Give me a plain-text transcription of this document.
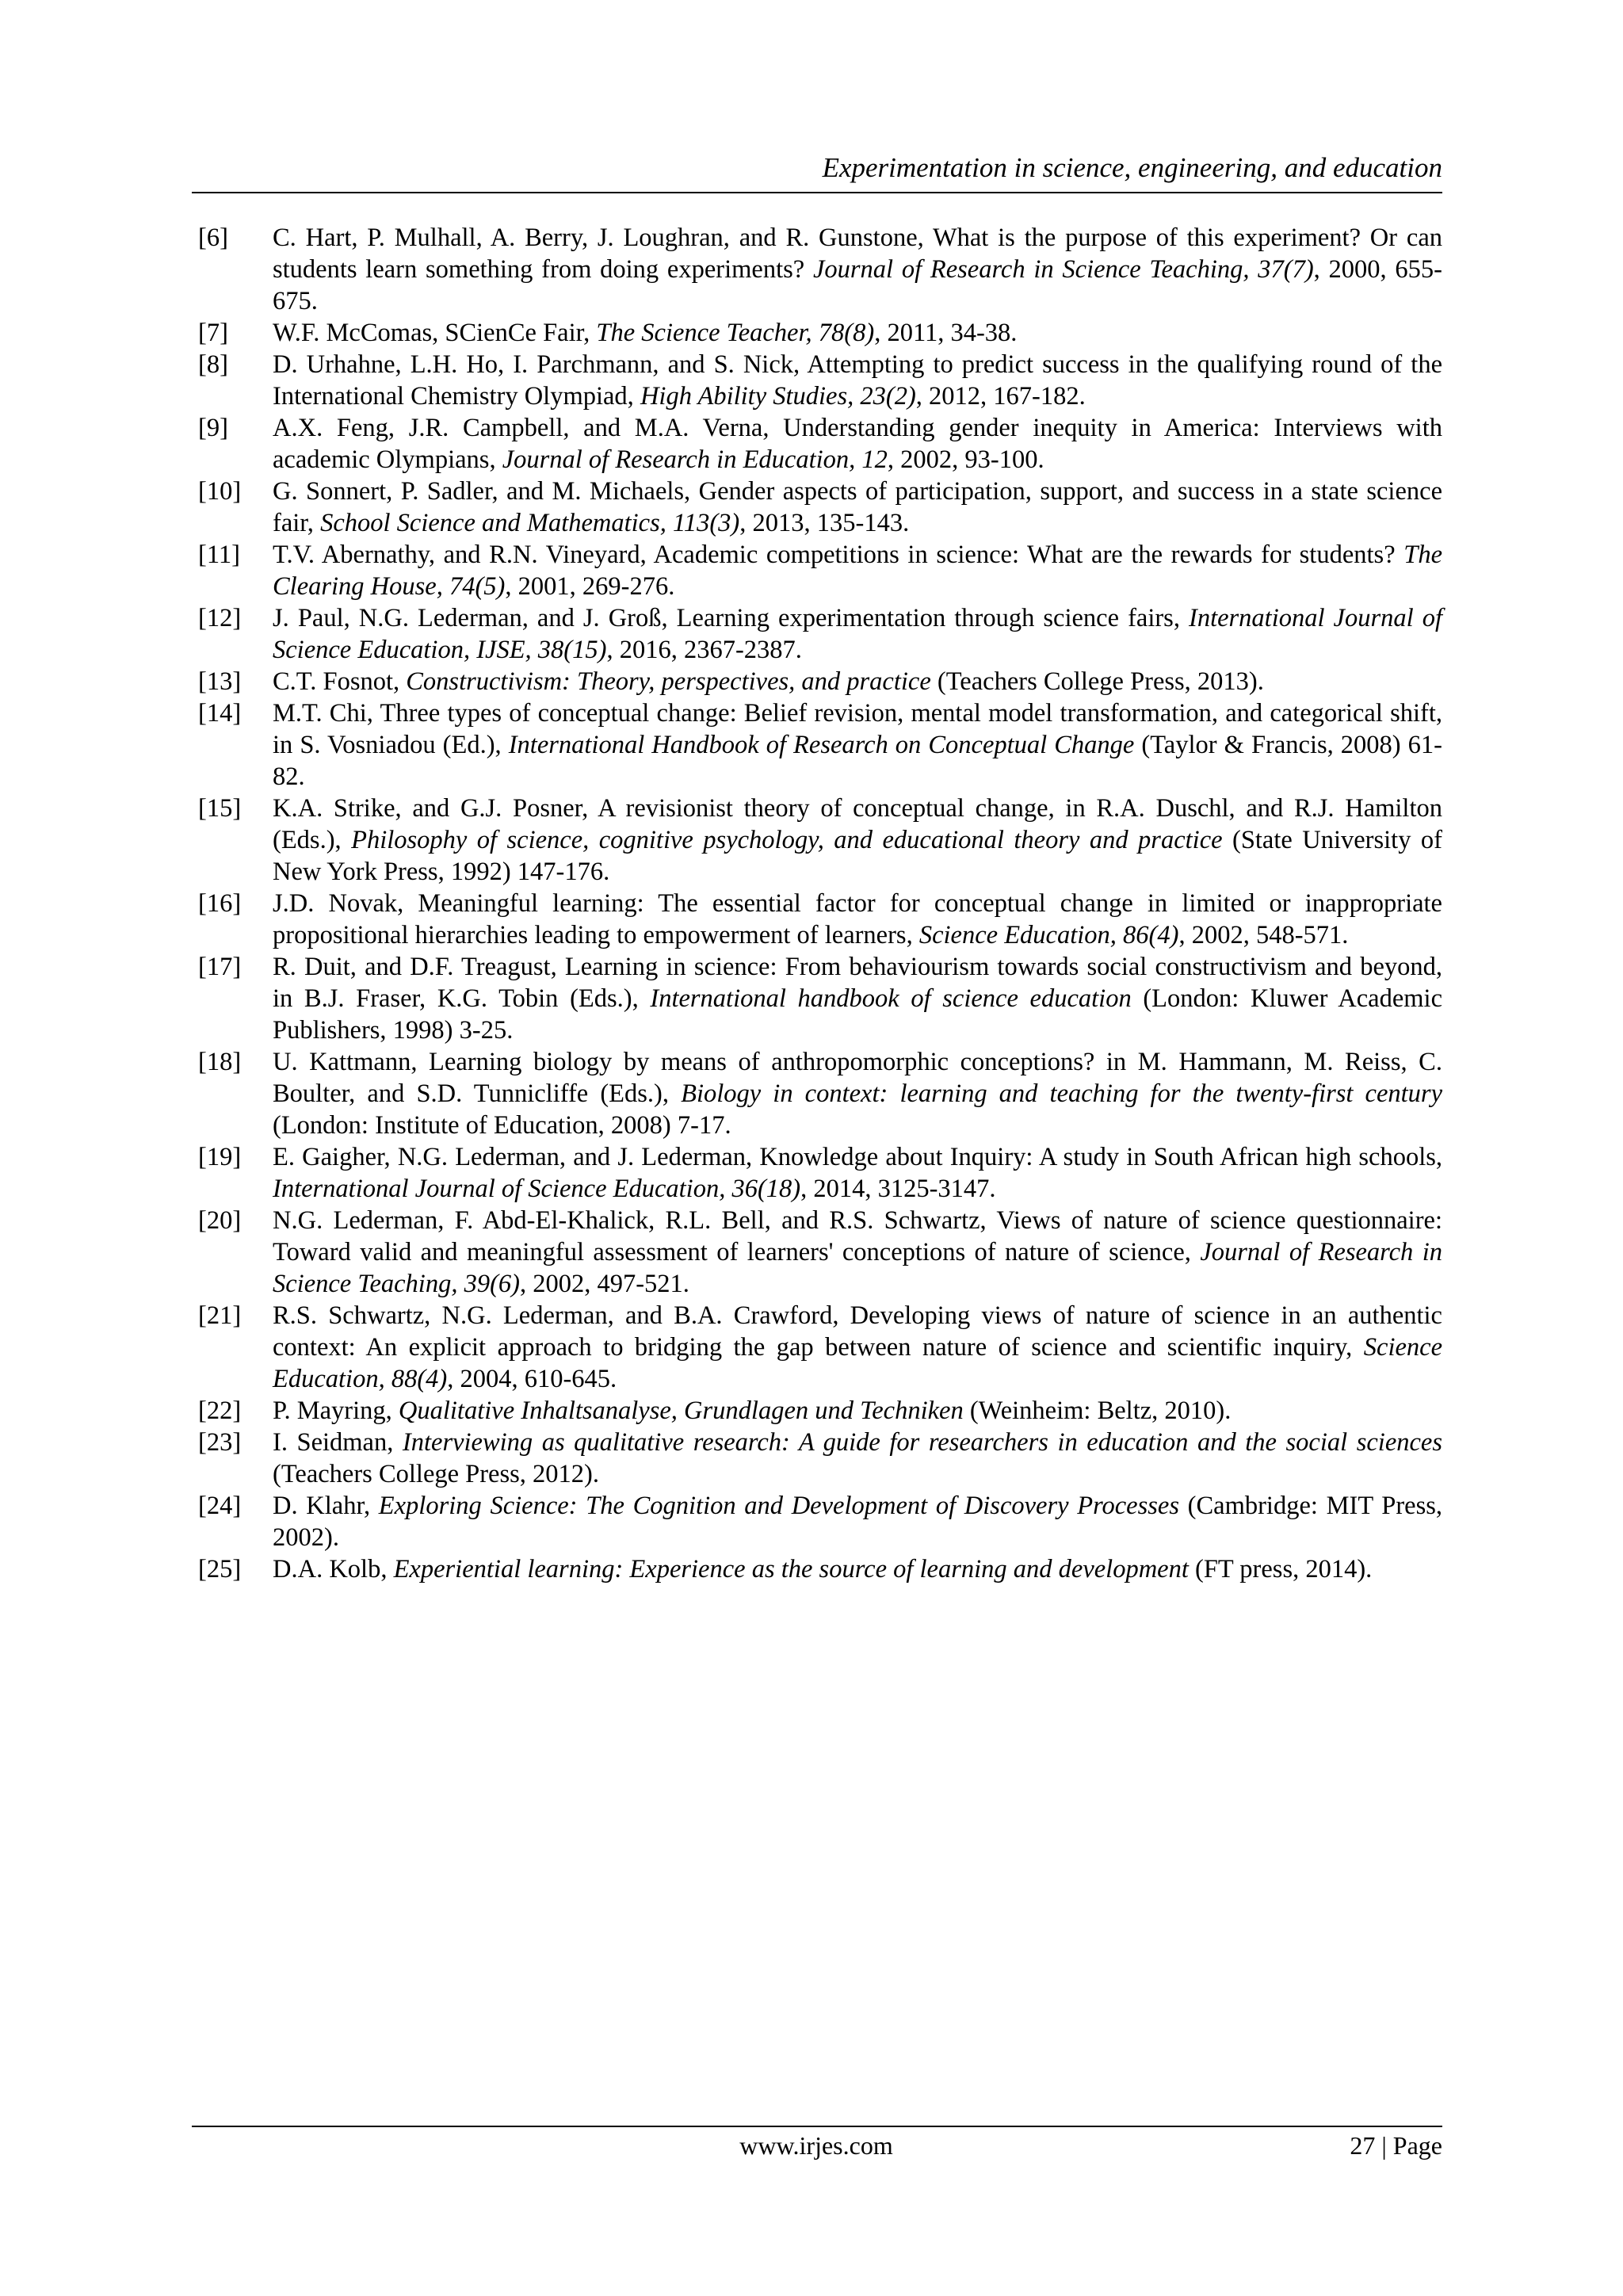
Experimentation in science, engineering, and education
[6] C. Hart, P. Mulhall, A. Berry, J. Loughran, and R. Gunstone, What is the purpose of this experiment? Or can students learn something from doing experiments? Journal of Research in Science Teaching, 37(7), 2000, 655-675.
[7] W.F. McComas, SCienCe Fair, The Science Teacher, 78(8), 2011, 34-38.
[8] D. Urhahne, L.H. Ho, I. Parchmann, and S. Nick, Attempting to predict success in the qualifying round of the International Chemistry Olympiad, High Ability Studies, 23(2), 2012, 167-182.
[9] A.X. Feng, J.R. Campbell, and M.A. Verna, Understanding gender inequity in America: Interviews with academic Olympians, Journal of Research in Education, 12, 2002, 93-100.
[10] G. Sonnert, P. Sadler, and M. Michaels, Gender aspects of participation, support, and success in a state science fair, School Science and Mathematics, 113(3), 2013, 135-143.
[11] T.V. Abernathy, and R.N. Vineyard, Academic competitions in science: What are the rewards for students? The Clearing House, 74(5), 2001, 269-276.
[12] J. Paul, N.G. Lederman, and J. Groß, Learning experimentation through science fairs, International Journal of Science Education, IJSE, 38(15), 2016, 2367-2387.
[13] C.T. Fosnot, Constructivism: Theory, perspectives, and practice (Teachers College Press, 2013).
[14] M.T. Chi, Three types of conceptual change: Belief revision, mental model transformation, and categorical shift, in S. Vosniadou (Ed.), International Handbook of Research on Conceptual Change (Taylor & Francis, 2008) 61-82.
[15] K.A. Strike, and G.J. Posner, A revisionist theory of conceptual change, in R.A. Duschl, and R.J. Hamilton (Eds.), Philosophy of science, cognitive psychology, and educational theory and practice (State University of New York Press, 1992) 147-176.
[16] J.D. Novak, Meaningful learning: The essential factor for conceptual change in limited or inappropriate propositional hierarchies leading to empowerment of learners, Science Education, 86(4), 2002, 548-571.
[17] R. Duit, and D.F. Treagust, Learning in science: From behaviourism towards social constructivism and beyond, in B.J. Fraser, K.G. Tobin (Eds.), International handbook of science education (London: Kluwer Academic Publishers, 1998) 3-25.
[18] U. Kattmann, Learning biology by means of anthropomorphic conceptions? in M. Hammann, M. Reiss, C. Boulter, and S.D. Tunnicliffe (Eds.), Biology in context: learning and teaching for the twenty-first century (London: Institute of Education, 2008) 7-17.
[19] E. Gaigher, N.G. Lederman, and J. Lederman, Knowledge about Inquiry: A study in South African high schools, International Journal of Science Education, 36(18), 2014, 3125-3147.
[20] N.G. Lederman, F. Abd-El-Khalick, R.L. Bell, and R.S. Schwartz, Views of nature of science questionnaire: Toward valid and meaningful assessment of learners' conceptions of nature of science, Journal of Research in Science Teaching, 39(6), 2002, 497-521.
[21] R.S. Schwartz, N.G. Lederman, and B.A. Crawford, Developing views of nature of science in an authentic context: An explicit approach to bridging the gap between nature of science and scientific inquiry, Science Education, 88(4), 2004, 610-645.
[22] P. Mayring, Qualitative Inhaltsanalyse, Grundlagen und Techniken (Weinheim: Beltz, 2010).
[23] I. Seidman, Interviewing as qualitative research: A guide for researchers in education and the social sciences (Teachers College Press, 2012).
[24] D. Klahr, Exploring Science: The Cognition and Development of Discovery Processes (Cambridge: MIT Press, 2002).
[25] D.A. Kolb, Experiential learning: Experience as the source of learning and development (FT press, 2014).
www.irjes.com	27 | Page
